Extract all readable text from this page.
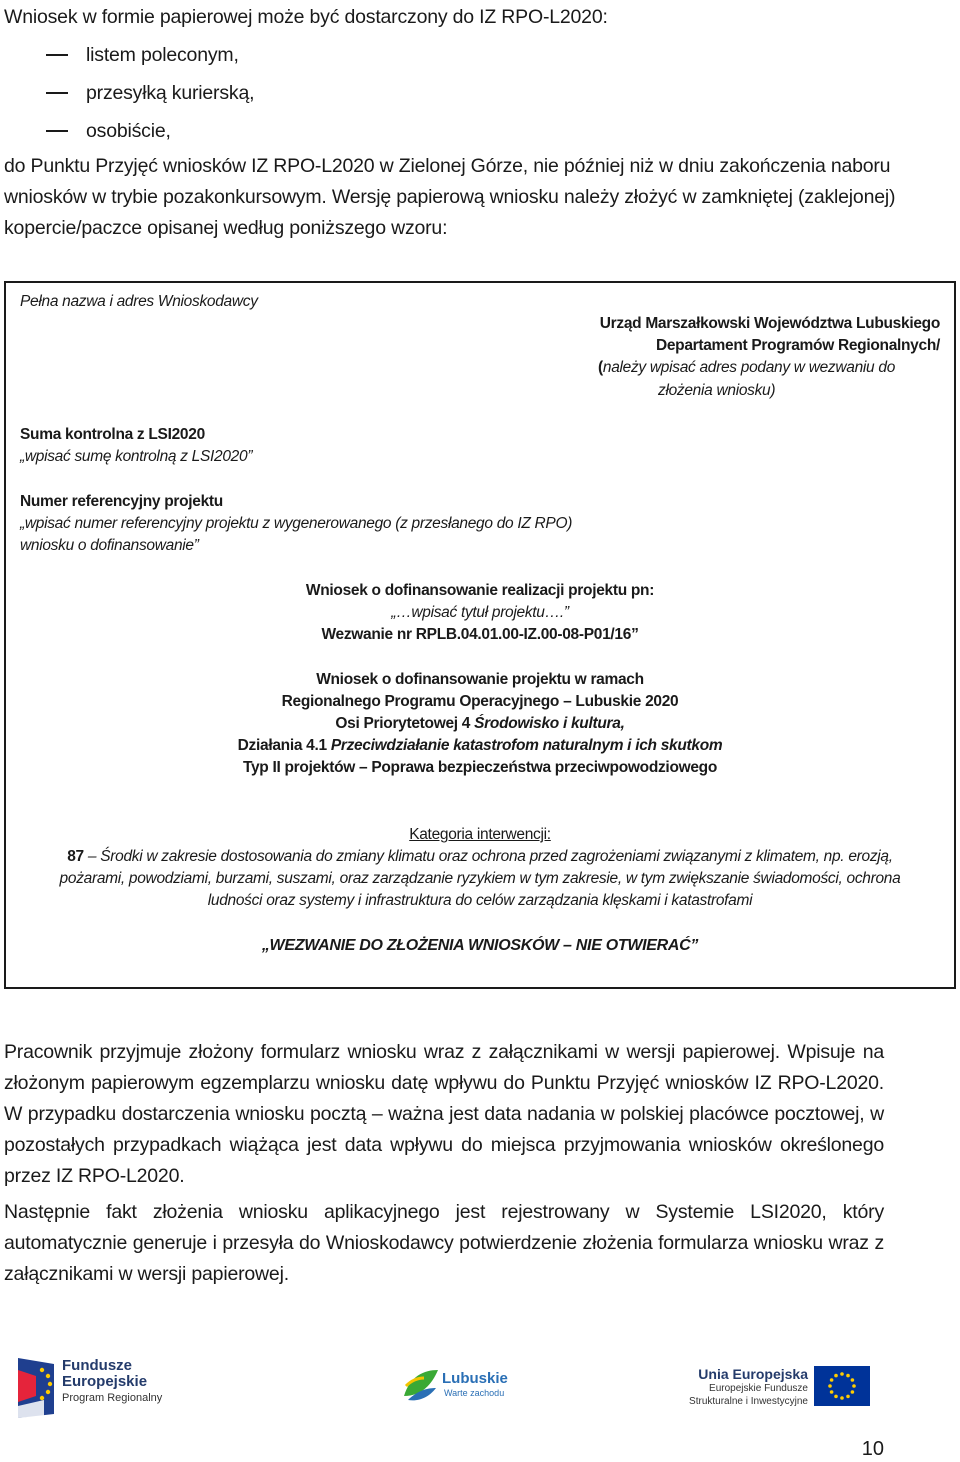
Wniosek w formie papierowej może być dostarczony do IZ RPO-L2020:

listem poleconym,
przesyłką kurierską,
osobiście,

do Punktu Przyjęć wniosków IZ RPO-L2020 w Zielonej Górze, nie później niż w dniu zakończenia naboru wniosków w trybie pozakonkursowym. Wersję papierową wniosku należy złożyć w zamkniętej (zaklejonej) kopercie/paczce opisanej według poniższego wzoru:

Pełna nazwa i adres Wnioskodawcy
Urząd Marszałkowski Województwa Lubuskiego
Departament Programów Regionalnych/
(należy wpisać adres podany w wezwaniu do
złożenia wniosku)
Suma kontrolna z LSI2020
„wpisać sumę kontrolną z LSI2020”
Numer referencyjny projektu
„wpisać numer referencyjny projektu z wygenerowanego (z przesłanego do IZ RPO)
wniosku o dofinansowanie”
Wniosek o dofinansowanie realizacji projektu pn:
„…wpisać tytuł projektu….”
Wezwanie nr RPLB.04.01.00-IZ.00-08-P01/16”
Wniosek o dofinansowanie projektu w ramach
Regionalnego Programu Operacyjnego – Lubuskie 2020
Osi Priorytetowej 4 Środowisko i kultura,
Działania 4.1 Przeciwdziałanie katastrofom naturalnym i ich skutkom
Typ II projektów – Poprawa bezpieczeństwa przeciwpowodziowego
Kategoria interwencji:
87 – Środki w zakresie dostosowania do zmiany klimatu oraz ochrona przed zagrożeniami związanymi z klimatem, np. erozją,
pożarami, powodziami, burzami, suszami, oraz zarządzanie ryzykiem w tym zakresie, w tym zwiększanie świadomości, ochrona
ludności oraz systemy i infrastruktura do celów zarządzania klęskami i katastrofami
„WEZWANIE DO ZŁOŻENIA WNIOSKÓW – NIE OTWIERAĆ”

Pracownik przyjmuje złożony formularz wniosku wraz z załącznikami w wersji papierowej. Wpisuje na złożonym papierowym egzemplarzu wniosku datę wpływu do Punktu Przyjęć wniosków IZ RPO-L2020. W przypadku dostarczenia wniosku pocztą – ważna jest data nadania w polskiej placówce pocztowej, w pozostałych przypadkach wiążąca jest data wpływu do miejsca przyjmowania wniosków określonego przez IZ RPO-L2020.

Następnie fakt złożenia wniosku aplikacyjnego jest rejestrowany w Systemie LSI2020, który automatycznie generuje i przesyła do Wnioskodawcy potwierdzenie złożenia formularza wniosku wraz z załącznikami w wersji papierowej.

Fundusze
Europejskie
Program Regionalny
Lubuskie
Warte zachodu
Unia Europejska
Europejskie Fundusze
Strukturalne i Inwestycyjne
10
